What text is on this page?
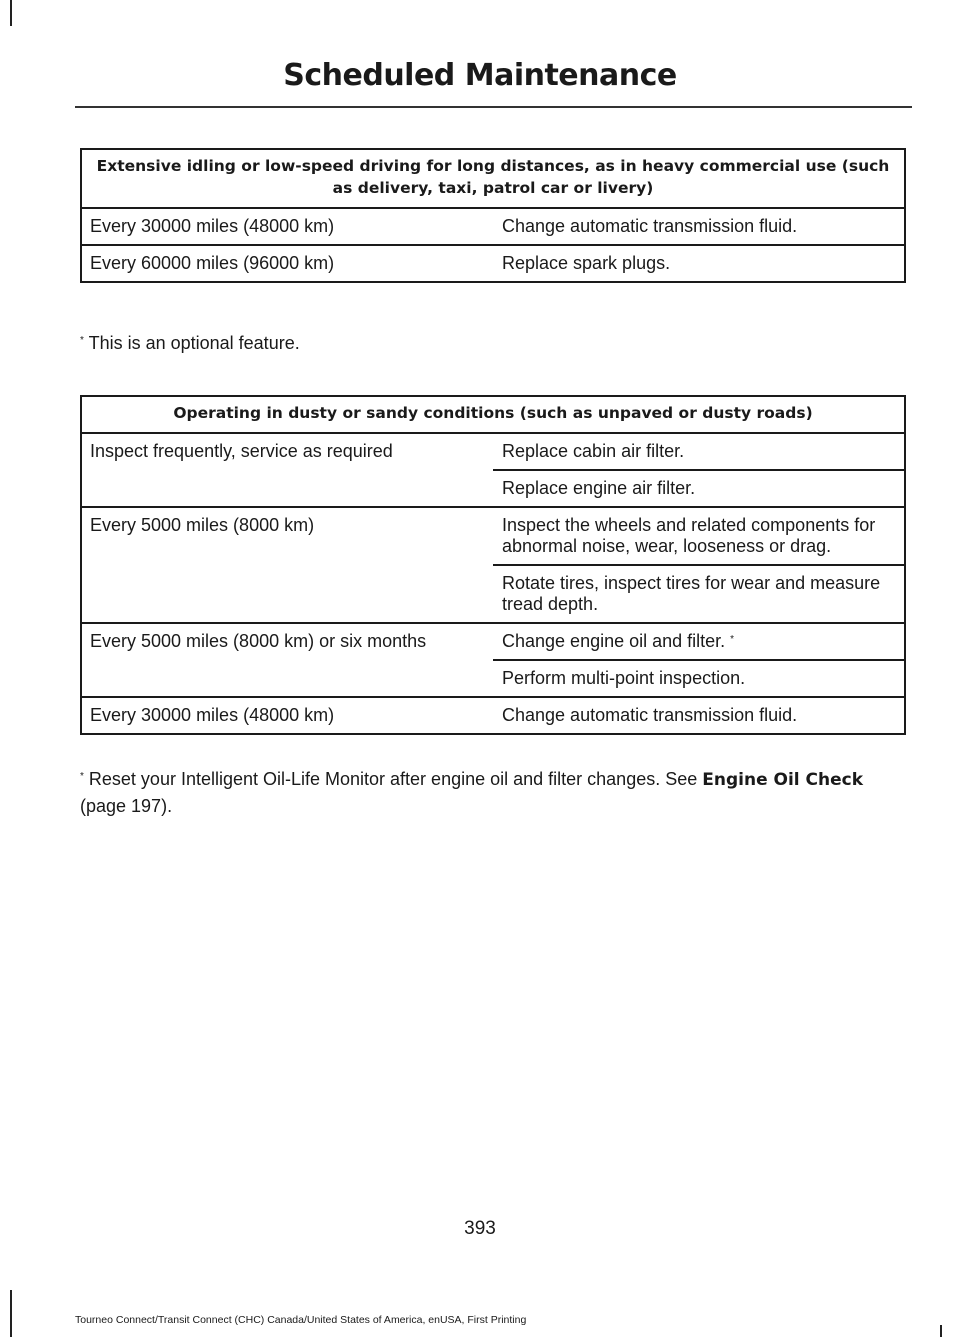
Scheduled Maintenance
Extensive idling or low-speed driving for long distances, as in heavy commercial use (such as delivery, taxi, patrol car or livery)	
Every 30000 miles (48000 km)	Change automatic transmission fluid.
Every 60000 miles (96000 km)	Replace spark plugs.
* This is an optional feature.
Operating in dusty or sandy conditions (such as unpaved or dusty roads)	
Inspect frequently, service as required	Replace cabin air filter.
	Replace engine air filter.
Every 5000 miles (8000 km)	Inspect the wheels and related components for abnormal noise, wear, looseness or drag.
	Rotate tires, inspect tires for wear and measure tread depth.
Every 5000 miles (8000 km) or six months	Change engine oil and filter. *
	Perform multi-point inspection.
Every 30000 miles (48000 km)	Change automatic transmission fluid.
* Reset your Intelligent Oil-Life Monitor after engine oil and filter changes. See Engine Oil Check (page 197).
393
Tourneo Connect/Transit Connect (CHC) Canada/United States of America, enUSA, First Printing
